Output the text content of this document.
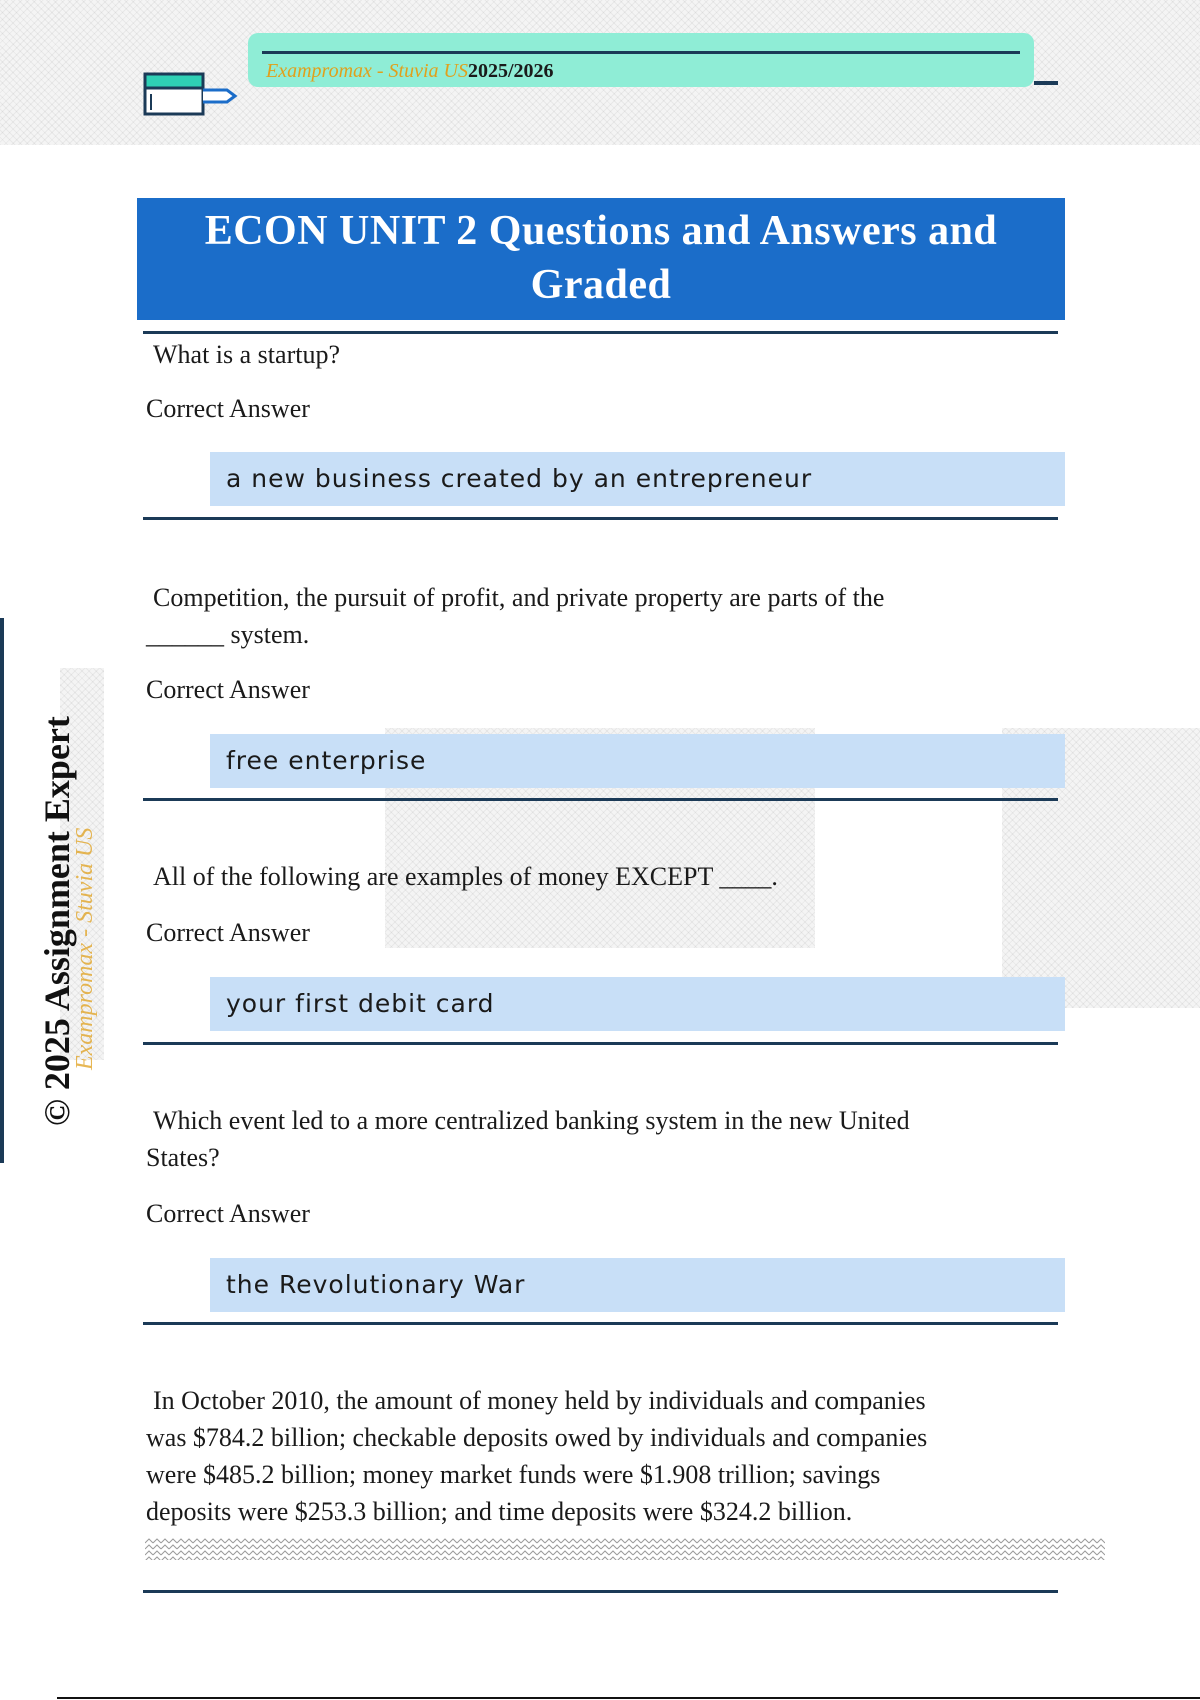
Exampromax - Stuvia US2025/2026
ECON UNIT 2 Questions and Answers and
Graded
What is a startup?
Correct Answer
a new business created by an entrepreneur
Competition, the pursuit of profit, and private property are parts of the
______ system.
Correct Answer
free enterprise
All of the following are examples of money EXCEPT ____.
Correct Answer
your first debit card
Which event led to a more centralized banking system in the new United
States?
Correct Answer
the Revolutionary War
In October 2010, the amount of money held by individuals and companies
was $784.2 billion; checkable deposits owed by individuals and companies
were $485.2 billion; money market funds were $1.908 trillion; savings
deposits were $253.3 billion; and time deposits were $324.2 billion.
© 2025 Assignment Expert
Exampromax - Stuvia US
